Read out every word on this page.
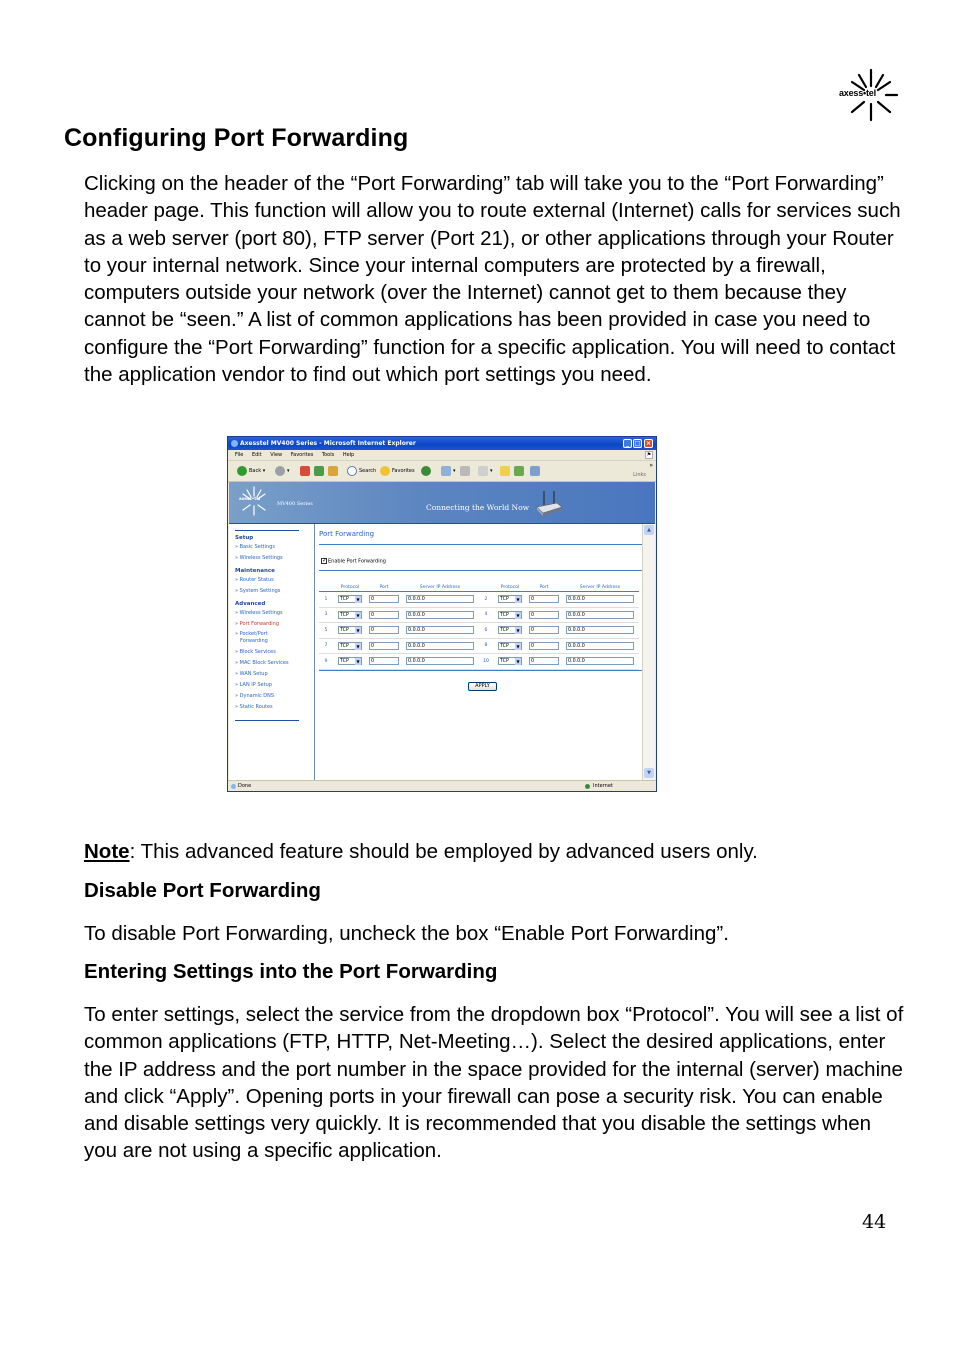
axess•tel
Configuring Port Forwarding

Clicking on the header of the “Port Forwarding” tab will take you to the “Port Forwarding” header page. This function will allow you to route external (Internet) calls for services such as a web server (port 80), FTP server (Port 21), or other applications through your Router to your internal network. Since your internal computers are protected by a firewall, computers outside your network (over the Internet) cannot get to them because they cannot be “seen.” A list of common applications has been provided in case you need to configure the “Port Forwarding” function for a specific application. You will need to contact the application vendor to find out which port settings you need.

Axesstel MV400 Series - Microsoft Internet Explorer	_ □ ×
File Edit View Favorites Tools Help	⚑
Back ▾	▾	Search	Favorites	▾	▾
Links
»
axess•tel
MV400 Series	Connecting the World Now
Setup
» Basic Settings
» Wireless Settings
Maintenance
» Router Status
» System Settings
Advanced
» Wireless Settings
» Port Forwarding
» Pocket/Port
Forwarding
» Block Services
» MAC Block Services
» WAN Setup
» LAN IP Setup
» Dynamic DNS
» Static Routes
Port Forwarding
✓Enable Port Forwarding
	Protocol	Port	Server IP Address		Protocol	Port	Server IP Address
1	TCP ▼	0	0.0.0.0	2	TCP ▼	0	0.0.0.0
3	TCP ▼	0	0.0.0.0	4	TCP ▼	0	0.0.0.0
5	TCP ▼	0	0.0.0.0	6	TCP ▼	0	0.0.0.0
7	TCP ▼	0	0.0.0.0	8	TCP ▼	0	0.0.0.0
9	TCP ▼	0	0.0.0.0	10	TCP ▼	0	0.0.0.0
APPLY
▲
▼
Done	Internet

Note: This advanced feature should be employed by advanced users only.

Disable Port Forwarding

To disable Port Forwarding, uncheck the box “Enable Port Forwarding”.

Entering Settings into the Port Forwarding

To enter settings, select the service from the dropdown box “Protocol”. You will see a list of common applications (FTP, HTTP, Net-Meeting…). Select the desired applications, enter the IP address and the port number in the space provided for the internal (server) machine and click “Apply”. Opening ports in your firewall can pose a security risk. You can enable and disable settings very quickly. It is recommended that you disable the settings when you are not using a specific application.

44
